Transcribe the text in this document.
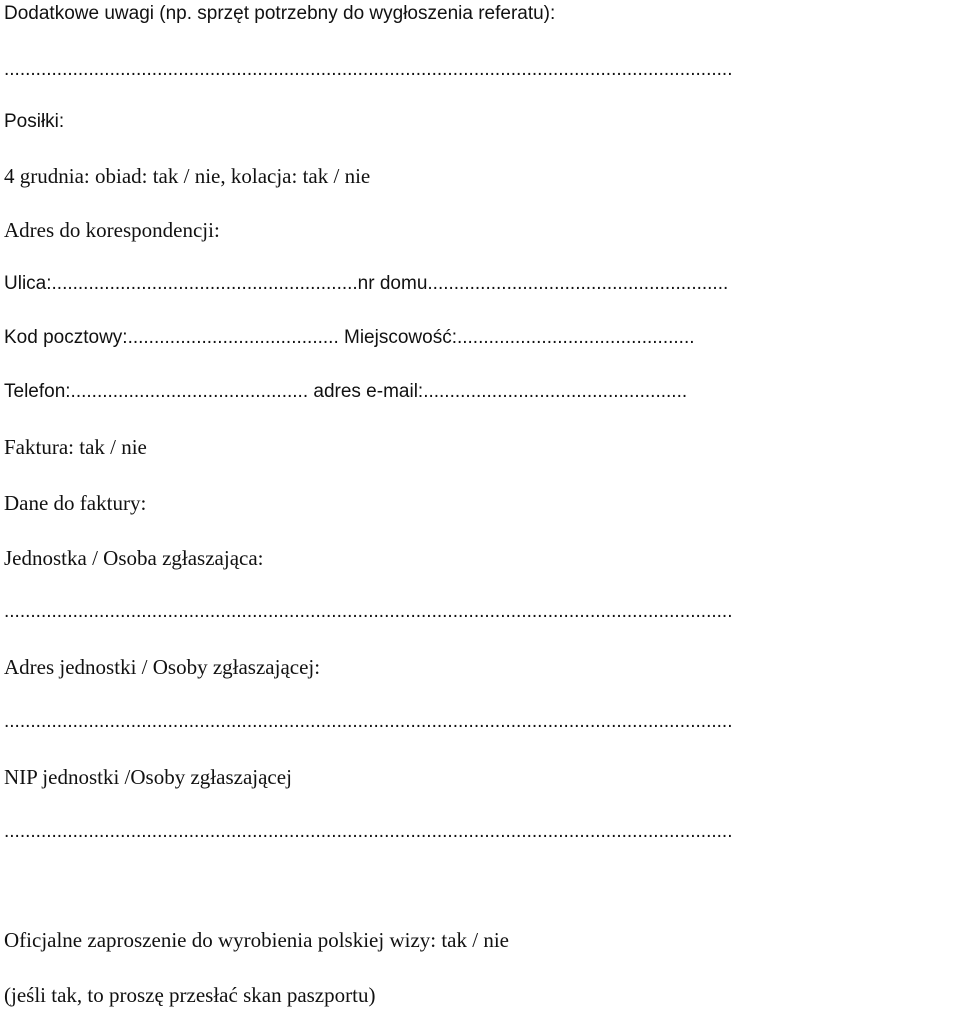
Dodatkowe uwagi (np. sprzęt potrzebny do wygłoszenia referatu):
..........................................................................................................................................
Posiłki:
4 grudnia: obiad: tak / nie, kolacja: tak / nie
Adres do korespondencji:
Ulica:..........................................................nr domu.........................................................
Kod pocztowy:........................................ Miejscowość:.............................................
Telefon:............................................. adres e-mail:..................................................
Faktura: tak / nie
Dane do faktury:
Jednostka / Osoba zgłaszająca:
..........................................................................................................................................
Adres jednostki / Osoby zgłaszającej:
..........................................................................................................................................
NIP jednostki /Osoby zgłaszającej
..........................................................................................................................................
Oficjalne zaproszenie do wyrobienia polskiej wizy: tak / nie
(jeśli tak, to proszę przesłać skan paszportu)
